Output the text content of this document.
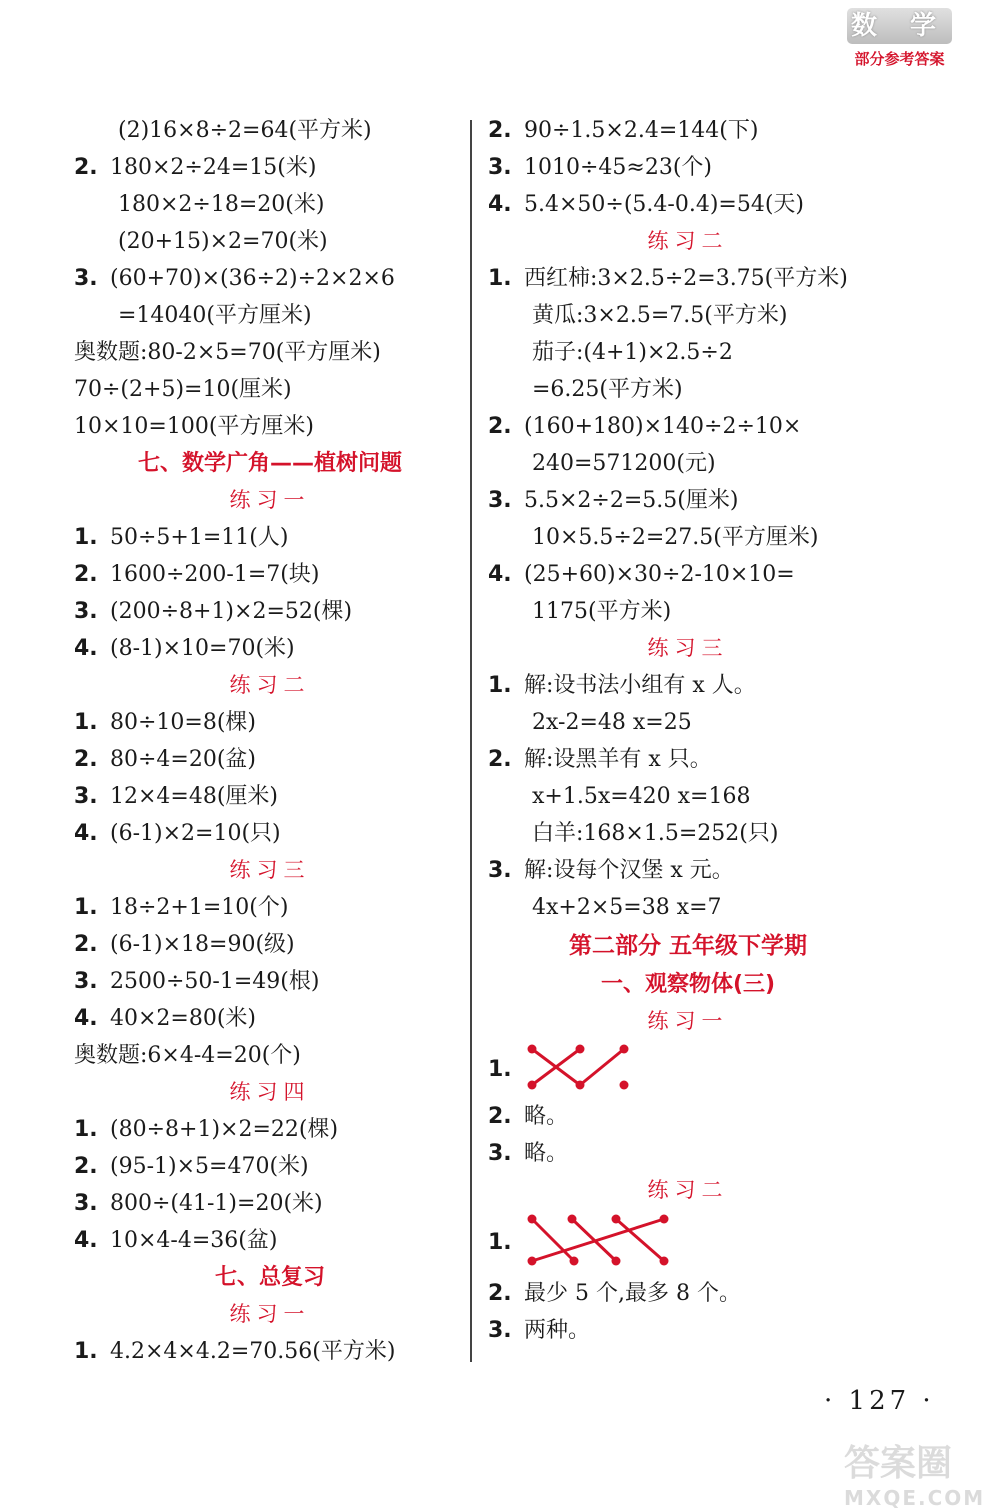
数 学
部分参考答案
(2)16×8÷2=64(平方米)
2. 180×2÷24=15(米)
180×2÷18=20(米)
(20+15)×2=70(米)
3. (60+70)×(36÷2)÷2×2×6
=14040(平方厘米)
奥数题:80-2×5=70(平方厘米)
70÷(2+5)=10(厘米)
10×10=100(平方厘米)
七、数学广角——植树问题
练习一
1. 50÷5+1=11(人)
2. 1600÷200-1=7(块)
3. (200÷8+1)×2=52(棵)
4. (8-1)×10=70(米)
练习二
1. 80÷10=8(棵)
2. 80÷4=20(盆)
3. 12×4=48(厘米)
4. (6-1)×2=10(只)
练习三
1. 18÷2+1=10(个)
2. (6-1)×18=90(级)
3. 2500÷50-1=49(根)
4. 40×2=80(米)
奥数题:6×4-4=20(个)
练习四
1. (80÷8+1)×2=22(棵)
2. (95-1)×5=470(米)
3. 800÷(41-1)=20(米)
4. 10×4-4=36(盆)
七、总复习
练习一
1. 4.2×4×4.2=70.56(平方米)
2. 90÷1.5×2.4=144(下)
3. 1010÷45≈23(个)
4. 5.4×50÷(5.4-0.4)=54(天)
练习二
1. 西红柿:3×2.5÷2=3.75(平方米)
黄瓜:3×2.5=7.5(平方米)
茄子:(4+1)×2.5÷2
=6.25(平方米)
2. (160+180)×140÷2÷10×
240=571200(元)
3. 5.5×2÷2=5.5(厘米)
10×5.5÷2=27.5(平方厘米)
4. (25+60)×30÷2-10×10=
1175(平方米)
练习三
1. 解:设书法小组有 x 人。
2x-2=48 x=25
2. 解:设黑羊有 x 只。
x+1.5x=420 x=168
白羊:168×1.5=252(只)
3. 解:设每个汉堡 x 元。
4x+2×5=38 x=7
第二部分 五年级下学期
一、观察物体(三)
练习一
1.
2. 略。
3. 略。
练习二
1.
2. 最少 5 个,最多 8 个。
3. 两种。
· 127 ·
答案圈
MXQE.COM
